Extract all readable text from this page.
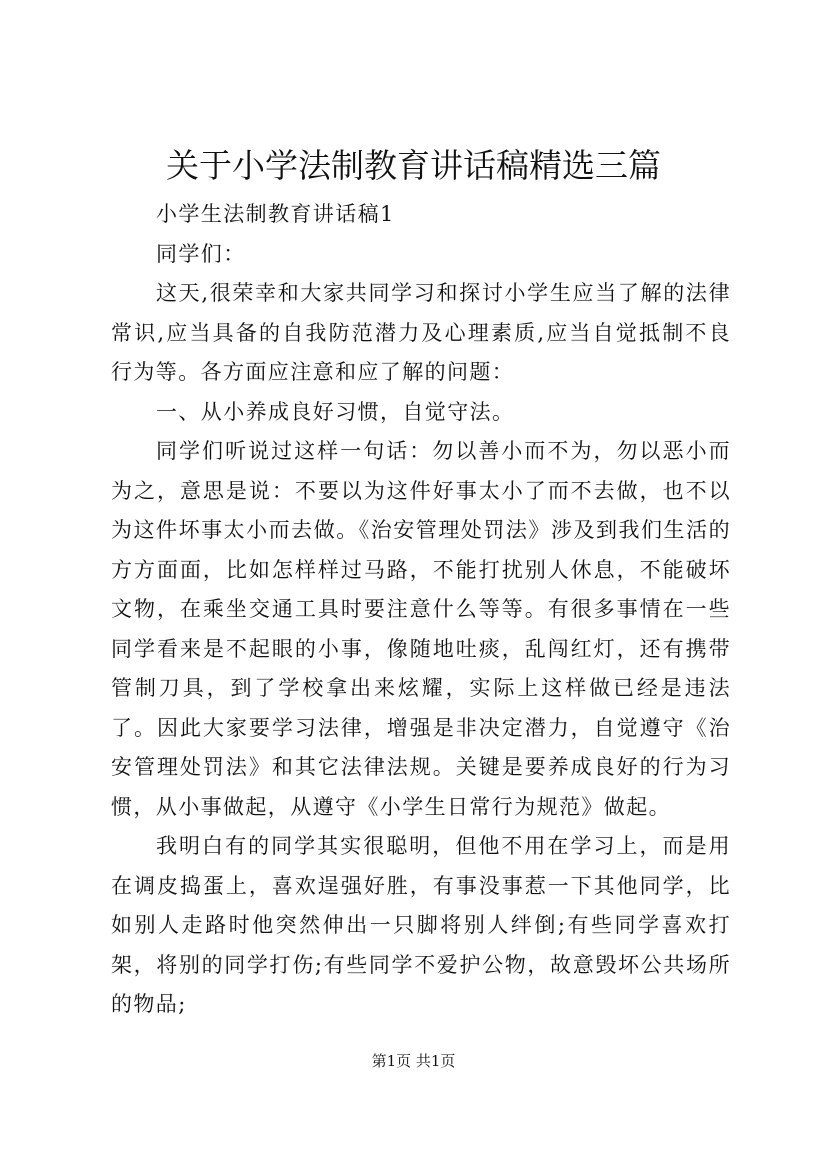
关于小学法制教育讲话稿精选三篇

小学生法制教育讲话稿1

同学们：

这天,很荣幸和大家共同学习和探讨小学生应当了解的法律常识,应当具备的自我防范潜力及心理素质,应当自觉抵制不良行为等。各方面应注意和应了解的问题：

一、从小养成良好习惯，自觉守法。

同学们听说过这样一句话：勿以善小而不为，勿以恶小而为之，意思是说：不要以为这件好事太小了而不去做，也不以为这件坏事太小而去做。《治安管理处罚法》涉及到我们生活的方方面面，比如怎样样过马路，不能打扰别人休息，不能破坏文物，在乘坐交通工具时要注意什么等等。有很多事情在一些同学看来是不起眼的小事，像随地吐痰，乱闯红灯，还有携带管制刀具，到了学校拿出来炫耀，实际上这样做已经是违法了。因此大家要学习法律，增强是非决定潜力，自觉遵守《治安管理处罚法》和其它法律法规。关键是要养成良好的行为习惯，从小事做起，从遵守《小学生日常行为规范》做起。

我明白有的同学其实很聪明，但他不用在学习上，而是用在调皮捣蛋上，喜欢逞强好胜，有事没事惹一下其他同学，比如别人走路时他突然伸出一只脚将别人绊倒;有些同学喜欢打架，将别的同学打伤;有些同学不爱护公物，故意毁坏公共场所的物品;

第1页 共1页
